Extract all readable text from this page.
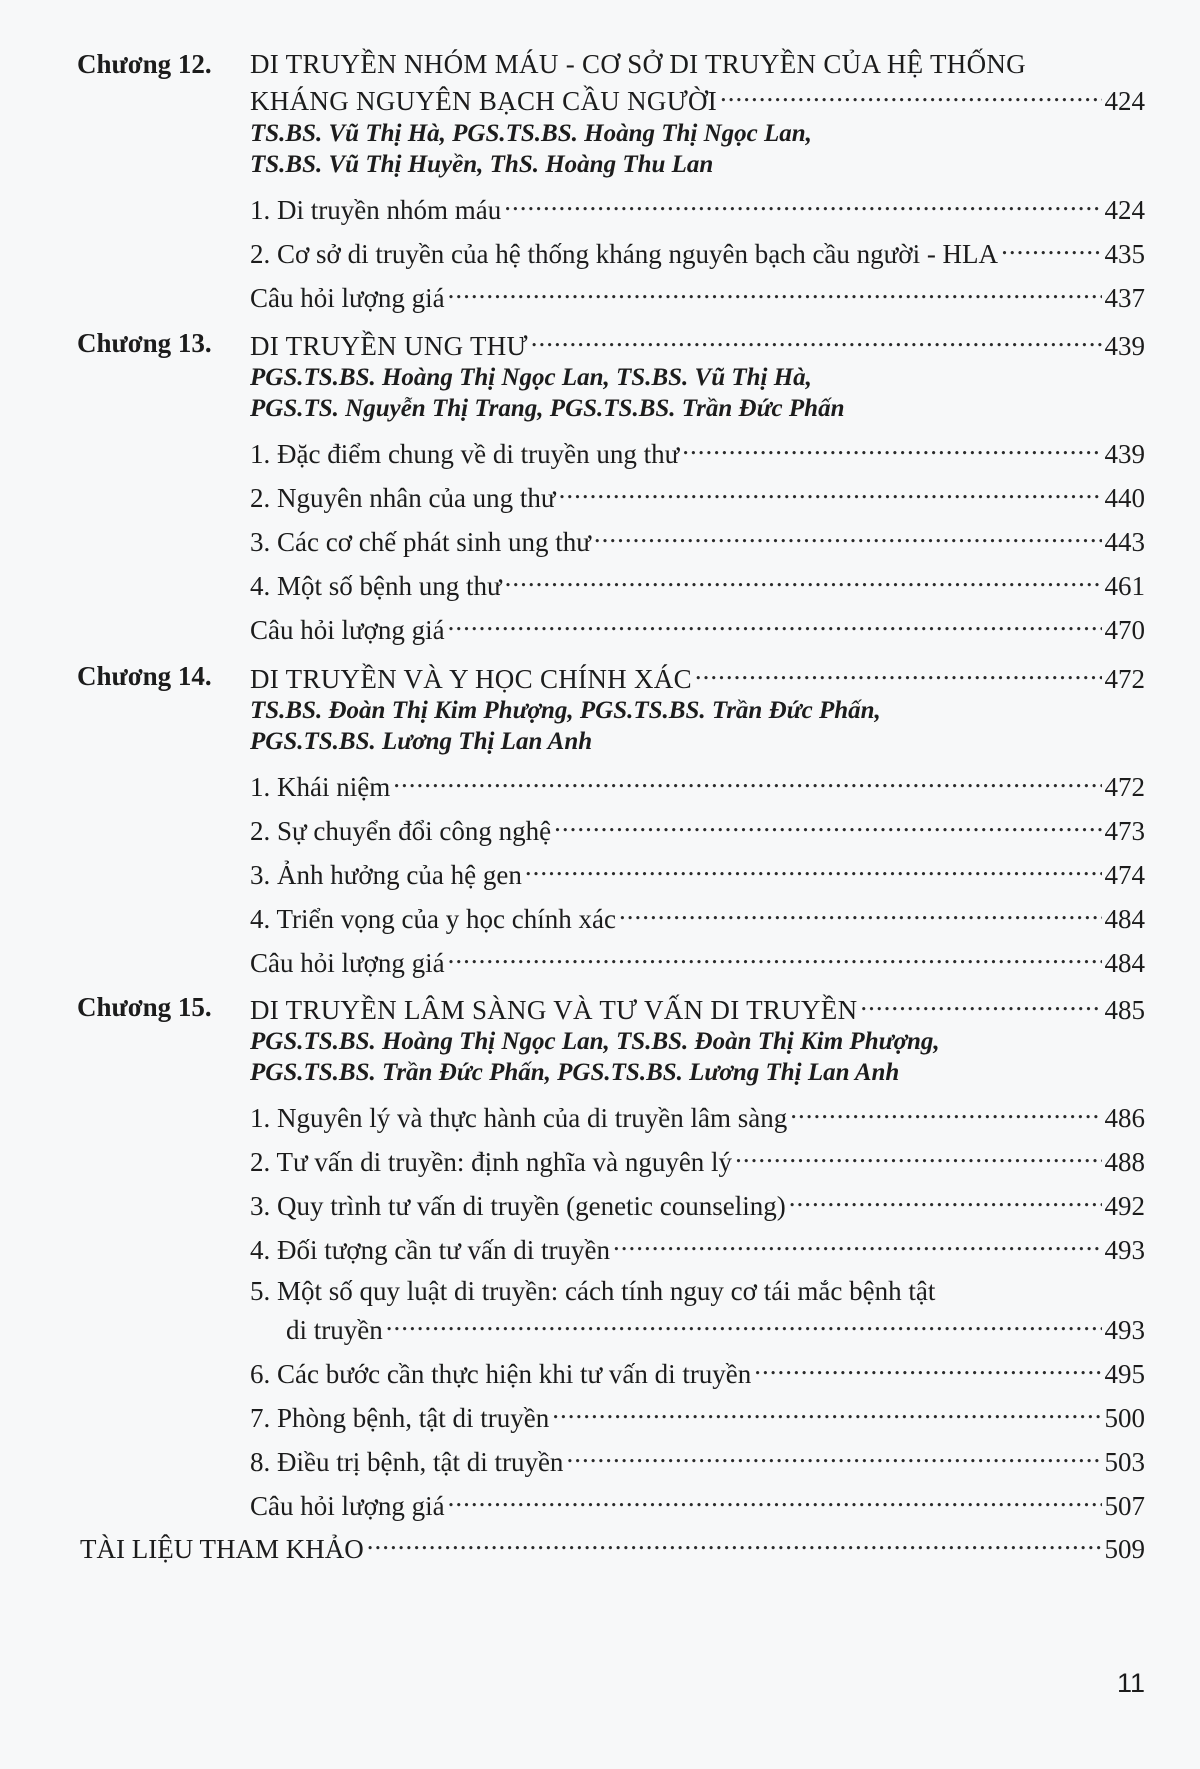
Chương 12. DI TRUYỀN NHÓM MÁU - CƠ SỞ DI TRUYỀN CỦA HỆ THỐNG
KHÁNG NGUYÊN BẠCH CẦU NGƯỜI .....	424
TS.BS. Vũ Thị Hà, PGS.TS.BS. Hoàng Thị Ngọc Lan,
TS.BS. Vũ Thị Huyền, ThS. Hoàng Thu Lan
1. Di truyền nhóm máu .....	424
2. Cơ sở di truyền của hệ thống kháng nguyên bạch cầu người - HLA .....	435
Câu hỏi lượng giá .....	437
Chương 13. DI TRUYỀN UNG THƯ .....	439
PGS.TS.BS. Hoàng Thị Ngọc Lan, TS.BS. Vũ Thị Hà,
PGS.TS. Nguyễn Thị Trang, PGS.TS.BS. Trần Đức Phấn
1. Đặc điểm chung về di truyền ung thư .....	439
2. Nguyên nhân của ung thư .....	440
3. Các cơ chế phát sinh ung thư .....	443
4. Một số bệnh ung thư .....	461
Câu hỏi lượng giá .....	470
Chương 14. DI TRUYỀN VÀ Y HỌC CHÍNH XÁC .....	472
TS.BS. Đoàn Thị Kim Phượng, PGS.TS.BS. Trần Đức Phấn,
PGS.TS.BS. Lương Thị Lan Anh
1. Khái niệm .....	472
2. Sự chuyển đổi công nghệ .....	473
3. Ảnh hưởng của hệ gen .....	474
4. Triển vọng của y học chính xác .....	484
Câu hỏi lượng giá .....	484
Chương 15. DI TRUYỀN LÂM SÀNG VÀ TƯ VẤN DI TRUYỀN .....	485
PGS.TS.BS. Hoàng Thị Ngọc Lan, TS.BS. Đoàn Thị Kim Phượng,
PGS.TS.BS. Trần Đức Phấn, PGS.TS.BS. Lương Thị Lan Anh
1. Nguyên lý và thực hành của di truyền lâm sàng .....	486
2. Tư vấn di truyền: định nghĩa và nguyên lý .....	488
3. Quy trình tư vấn di truyền (genetic counseling) .....	492
4. Đối tượng cần tư vấn di truyền .....	493
5. Một số quy luật di truyền: cách tính nguy cơ tái mắc bệnh tật
di truyền .....	493
6. Các bước cần thực hiện khi tư vấn di truyền .....	495
7. Phòng bệnh, tật di truyền .....	500
8. Điều trị bệnh, tật di truyền .....	503
Câu hỏi lượng giá .....	507
TÀI LIỆU THAM KHẢO .....	509
11
